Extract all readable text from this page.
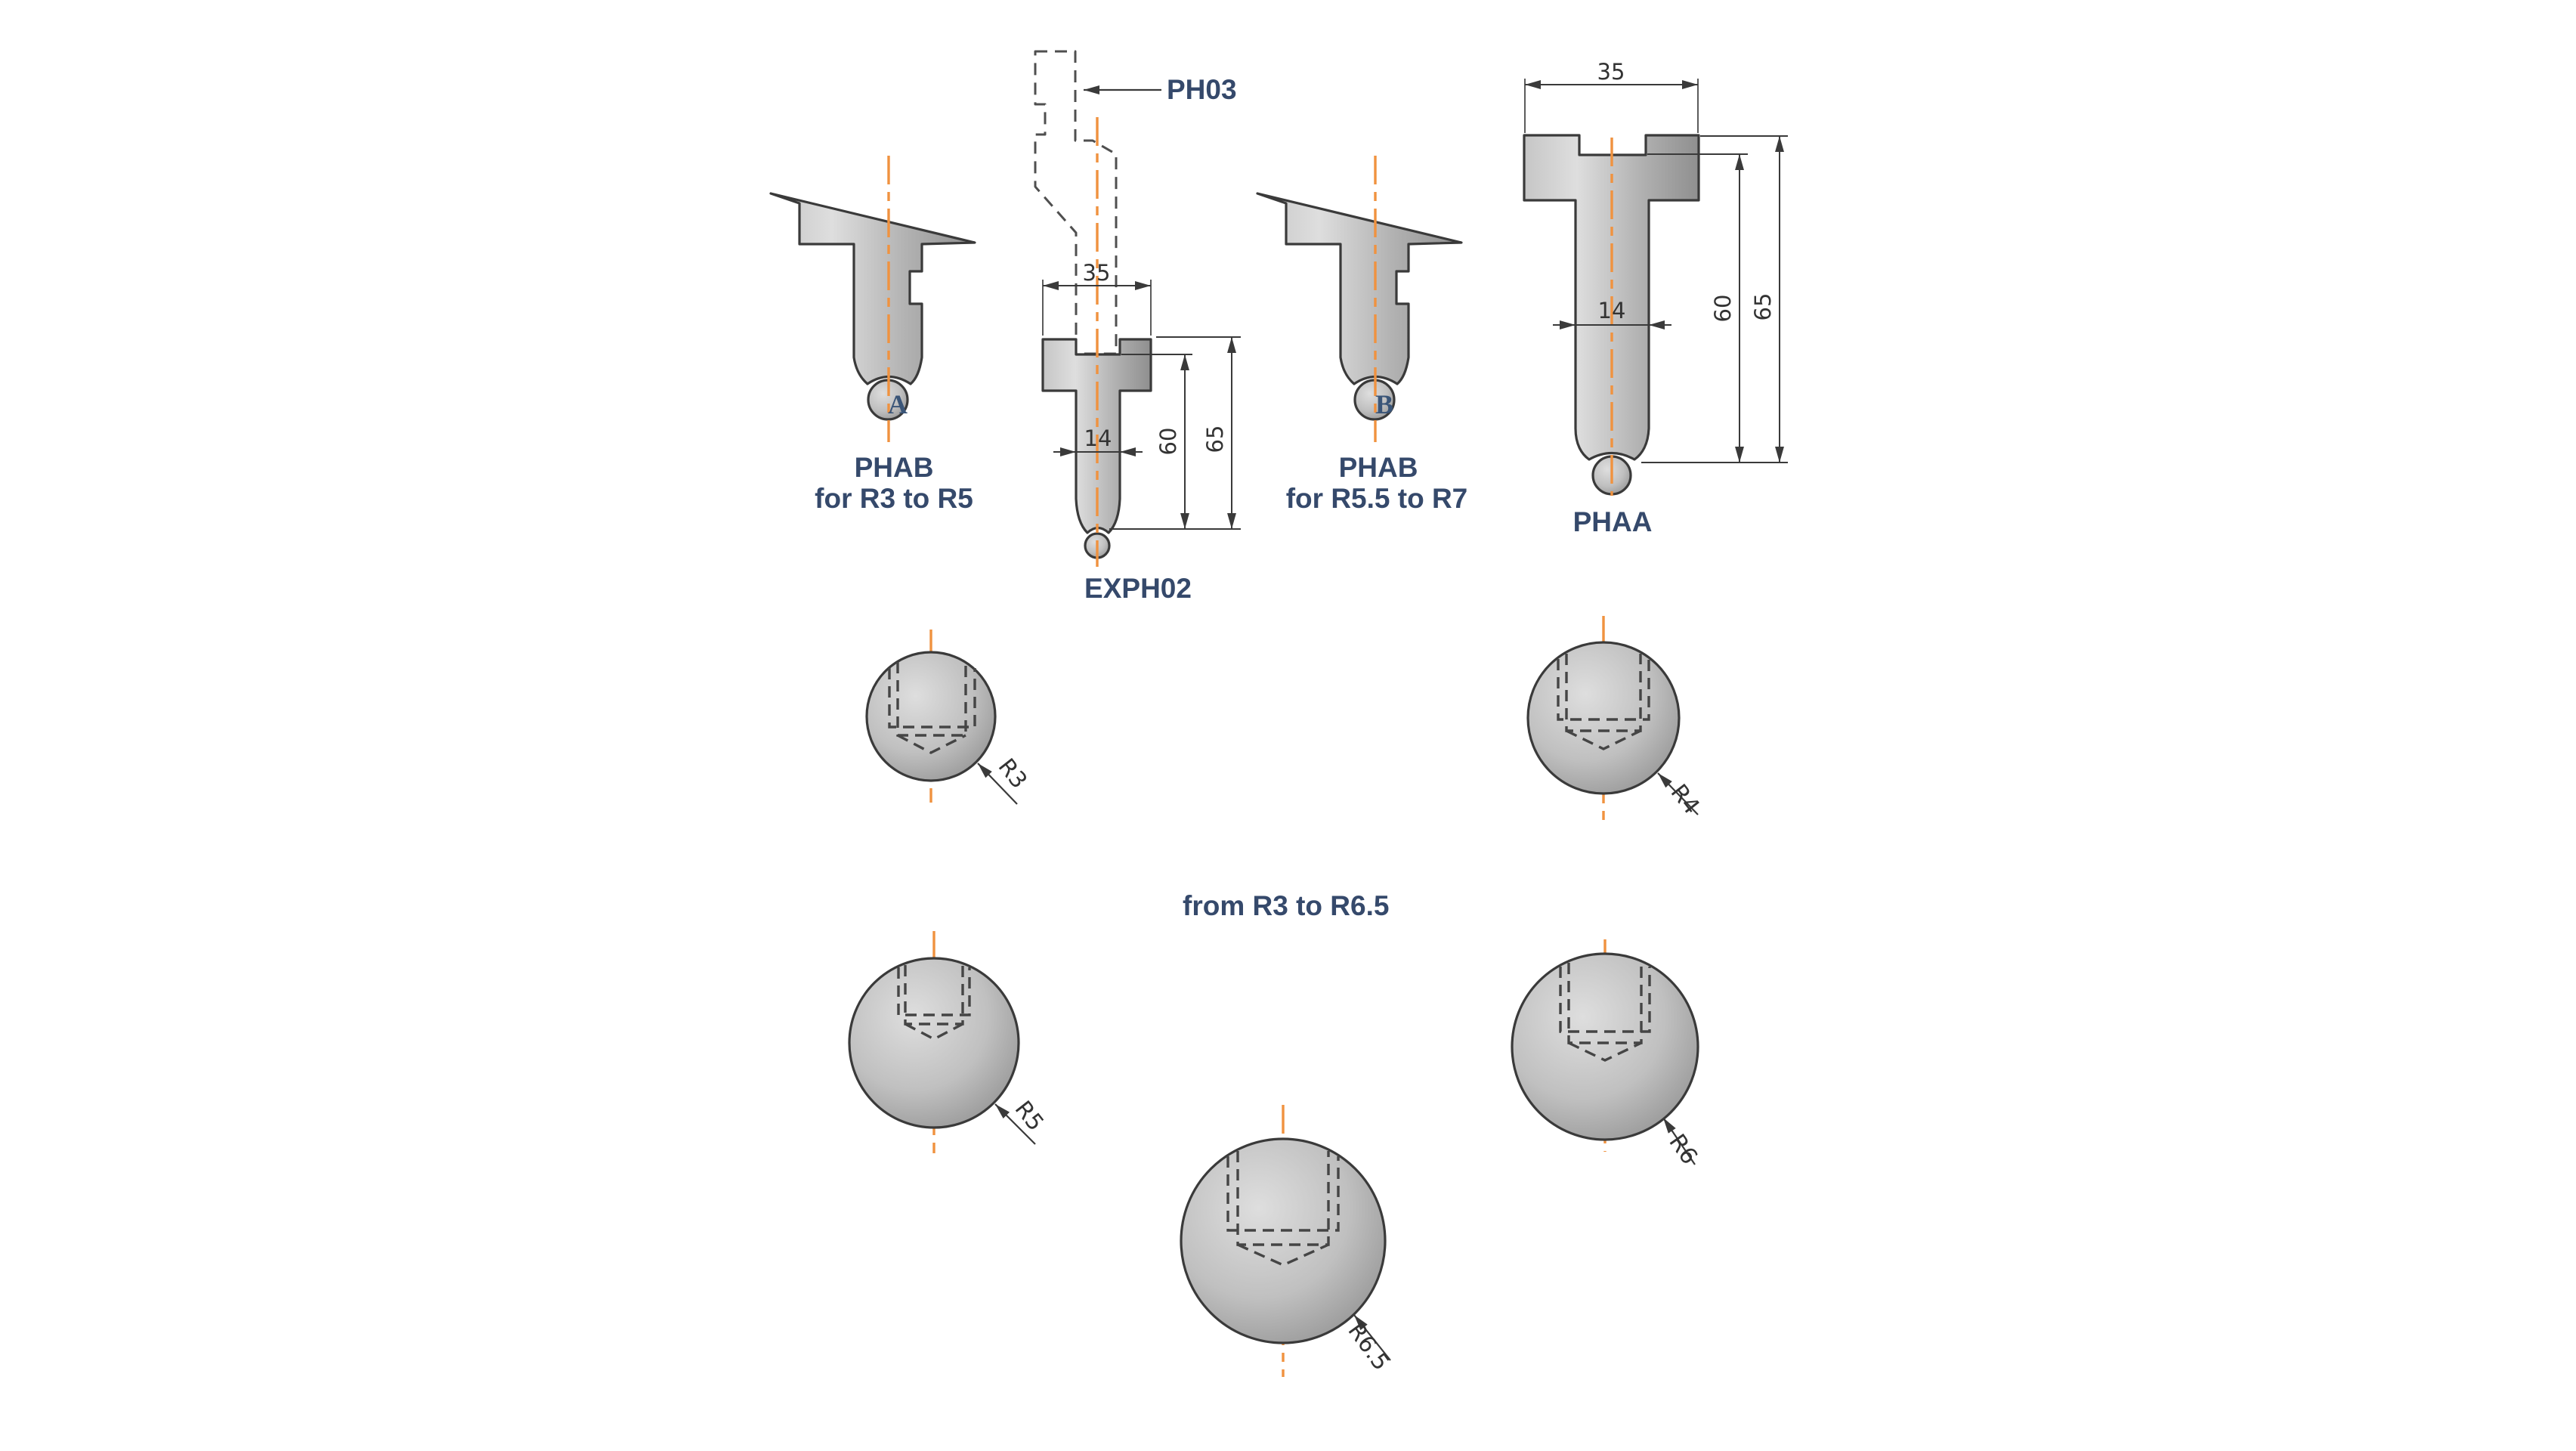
A
PHAB
for R3 to R5
PH03
35
14 60 65
EXPH02
B
PHAB
for R5.5 to R7
35
14	60 65
PHAA
from R3 to R6.5
R3
R4
R5
R6
R6.5
